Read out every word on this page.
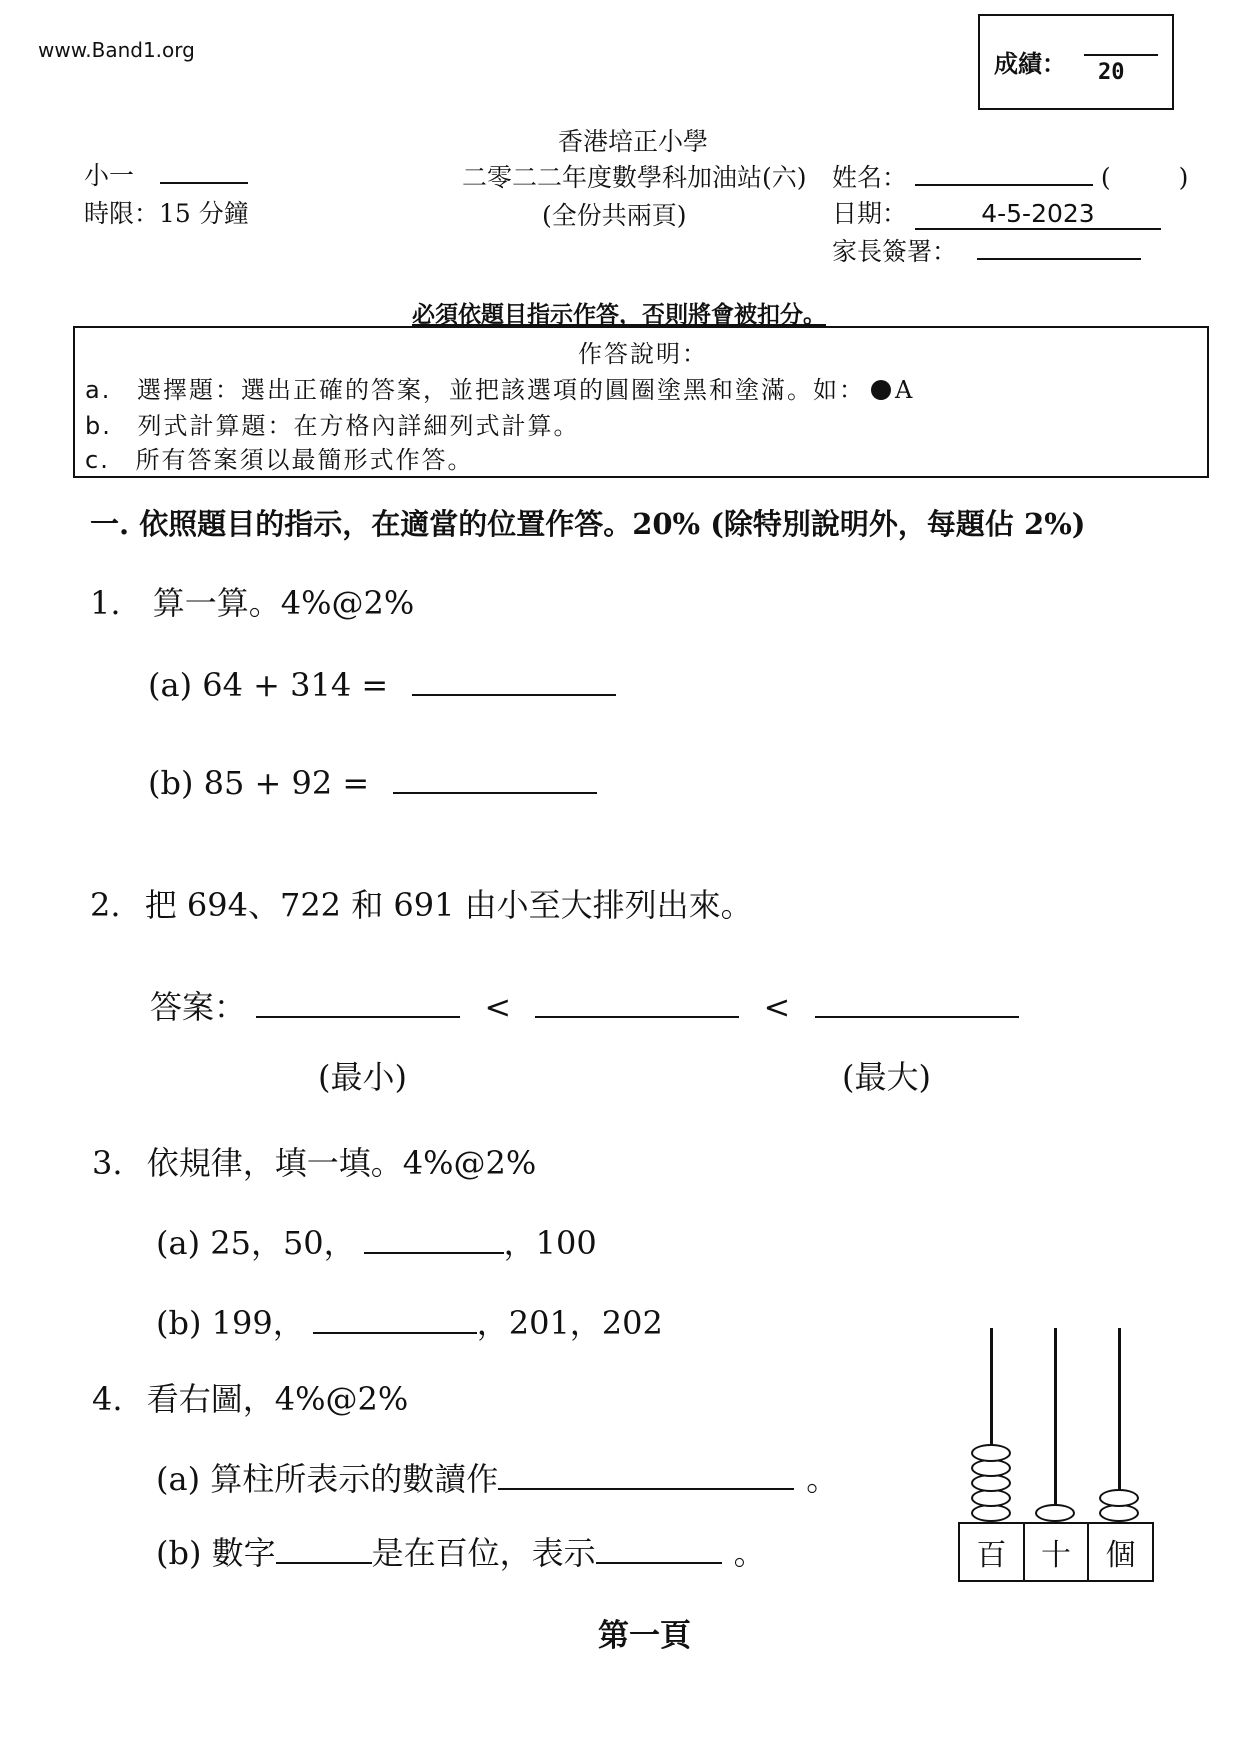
www.Band1.org	成績： 20
香港培正小學
小一
時限：15 分鐘
二零二二年度數學科加油站(六)
(全份共兩頁)
姓名：	(	)
日期：	4-5-2023
家長簽署：
必須依題目指示作答，否則將會被扣分。
作答說明：
a. 選擇題：選出正確的答案，並把該選項的圓圈塗黑和塗滿。如： A
b. 列式計算題：在方格內詳細列式計算。
c. 所有答案須以最簡形式作答。
一. 依照題目的指示，在適當的位置作答。20% (除特別說明外，每題佔 2%)
1. 算一算。4%@2%
(a) 64 + 314 =
(b) 85 + 92 =
2. 把 694、722 和 691 由小至大排列出來。
答案：	<	<
(最小)	(最大)
3. 依規律，填一填。4%@2%
(a) 25，50，	，100
(b) 199，	，201，202
4. 看右圖，4%@2%
(a) 算柱所表示的數讀作	。
(b) 數字	是在百位，表示	。	百	十	個
第一頁
